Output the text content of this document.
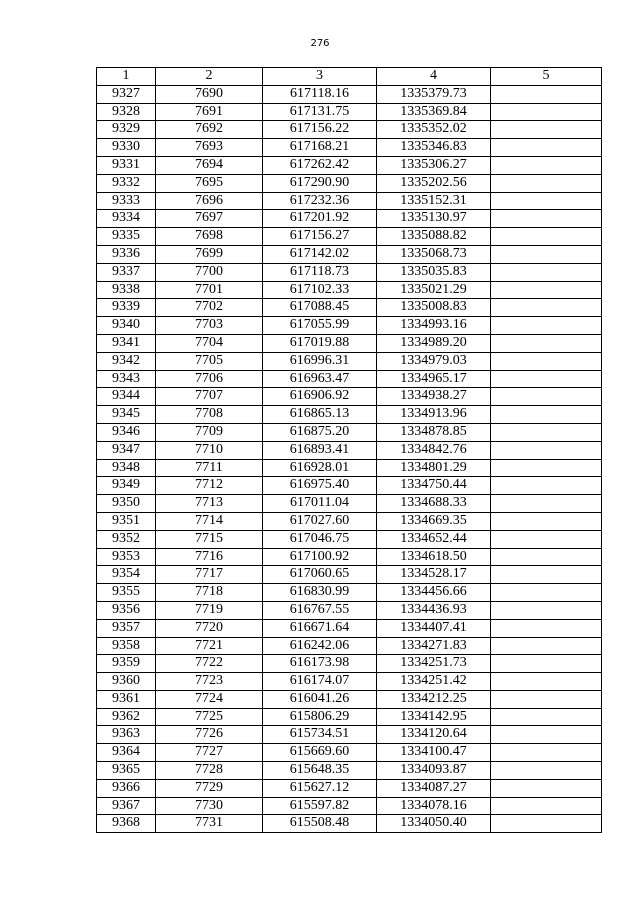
276
1	2	3	4	5
9327	7690	617118.16	1335379.73	
9328	7691	617131.75	1335369.84	
9329	7692	617156.22	1335352.02	
9330	7693	617168.21	1335346.83	
9331	7694	617262.42	1335306.27	
9332	7695	617290.90	1335202.56	
9333	7696	617232.36	1335152.31	
9334	7697	617201.92	1335130.97	
9335	7698	617156.27	1335088.82	
9336	7699	617142.02	1335068.73	
9337	7700	617118.73	1335035.83	
9338	7701	617102.33	1335021.29	
9339	7702	617088.45	1335008.83	
9340	7703	617055.99	1334993.16	
9341	7704	617019.88	1334989.20	
9342	7705	616996.31	1334979.03	
9343	7706	616963.47	1334965.17	
9344	7707	616906.92	1334938.27	
9345	7708	616865.13	1334913.96	
9346	7709	616875.20	1334878.85	
9347	7710	616893.41	1334842.76	
9348	7711	616928.01	1334801.29	
9349	7712	616975.40	1334750.44	
9350	7713	617011.04	1334688.33	
9351	7714	617027.60	1334669.35	
9352	7715	617046.75	1334652.44	
9353	7716	617100.92	1334618.50	
9354	7717	617060.65	1334528.17	
9355	7718	616830.99	1334456.66	
9356	7719	616767.55	1334436.93	
9357	7720	616671.64	1334407.41	
9358	7721	616242.06	1334271.83	
9359	7722	616173.98	1334251.73	
9360	7723	616174.07	1334251.42	
9361	7724	616041.26	1334212.25	
9362	7725	615806.29	1334142.95	
9363	7726	615734.51	1334120.64	
9364	7727	615669.60	1334100.47	
9365	7728	615648.35	1334093.87	
9366	7729	615627.12	1334087.27	
9367	7730	615597.82	1334078.16	
9368	7731	615508.48	1334050.40	
